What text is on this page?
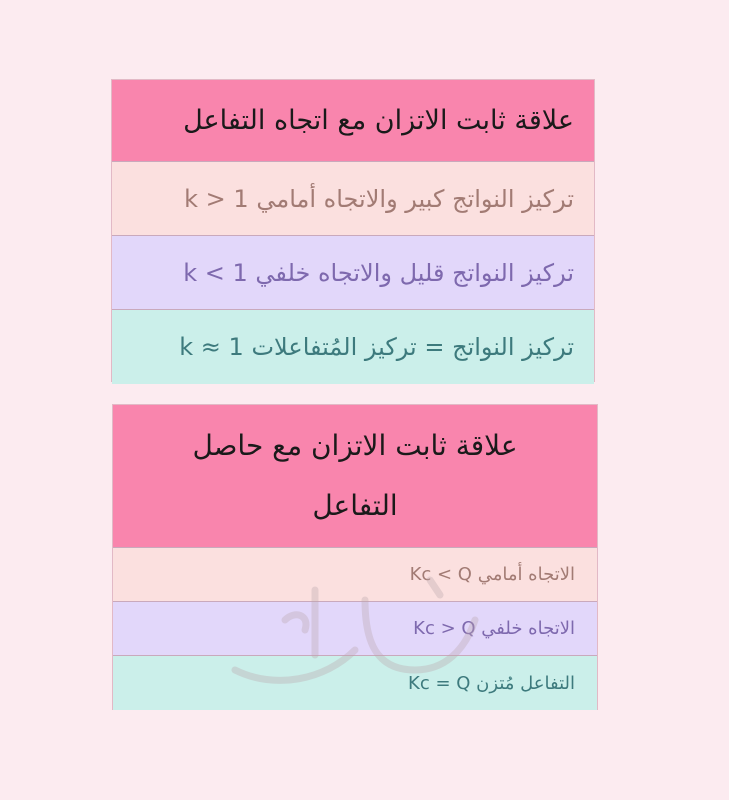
علاقة ثابت الاتزان مع اتجاه التفاعل
تركيز النواتج كبير والاتجاه أمامي 1 < k
تركيز النواتج قليل والاتجاه خلفي 1 > k
تركيز النواتج = تركيز المُتفاعلات 1 ≈ k
علاقة ثابت الاتزان مع حاصل التفاعل
الاتجاه أمامي Kc < Q
الاتجاه خلفي Kc > Q
التفاعل مُتزن Kc = Q
